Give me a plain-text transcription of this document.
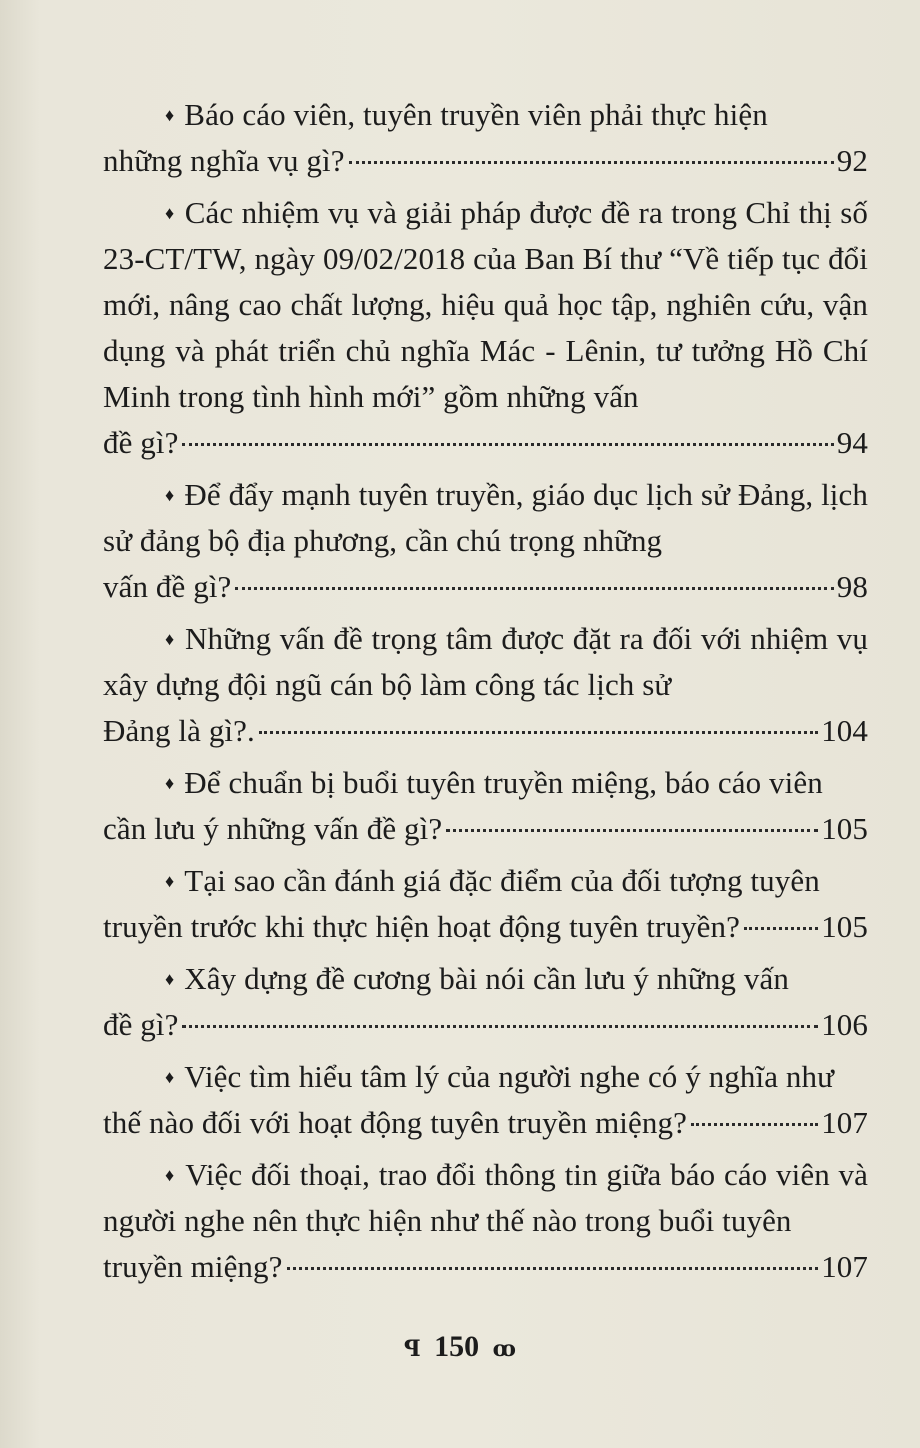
♦ Báo cáo viên, tuyên truyền viên phải thực hiện
những nghĩa vụ gì?	92
♦ Các nhiệm vụ và giải pháp được đề ra trong Chỉ thị số 23-CT/TW, ngày 09/02/2018 của Ban Bí thư “Về tiếp tục đổi mới, nâng cao chất lượng, hiệu quả học tập, nghiên cứu, vận dụng và phát triển chủ nghĩa Mác - Lênin, tư tưởng Hồ Chí Minh trong tình hình mới” gồm những vấn
đề gì?	94
♦ Để đẩy mạnh tuyên truyền, giáo dục lịch sử Đảng, lịch sử đảng bộ địa phương, cần chú trọng những
vấn đề gì?	98
♦ Những vấn đề trọng tâm được đặt ra đối với nhiệm vụ xây dựng đội ngũ cán bộ làm công tác lịch sử
Đảng là gì?.	104
♦ Để chuẩn bị buổi tuyên truyền miệng, báo cáo viên
cần lưu ý những vấn đề gì?	105
♦ Tại sao cần đánh giá đặc điểm của đối tượng tuyên
truyền trước khi thực hiện hoạt động tuyên truyền?	105
♦ Xây dựng đề cương bài nói cần lưu ý những vấn
đề gì?	106
♦ Việc tìm hiểu tâm lý của người nghe có ý nghĩa như
thế nào đối với hoạt động tuyên truyền miệng?	107
♦ Việc đối thoại, trao đổi thông tin giữa báo cáo viên và người nghe nên thực hiện như thế nào trong buổi tuyên
truyền miệng?	107
ꟼ 150 ꝏ
